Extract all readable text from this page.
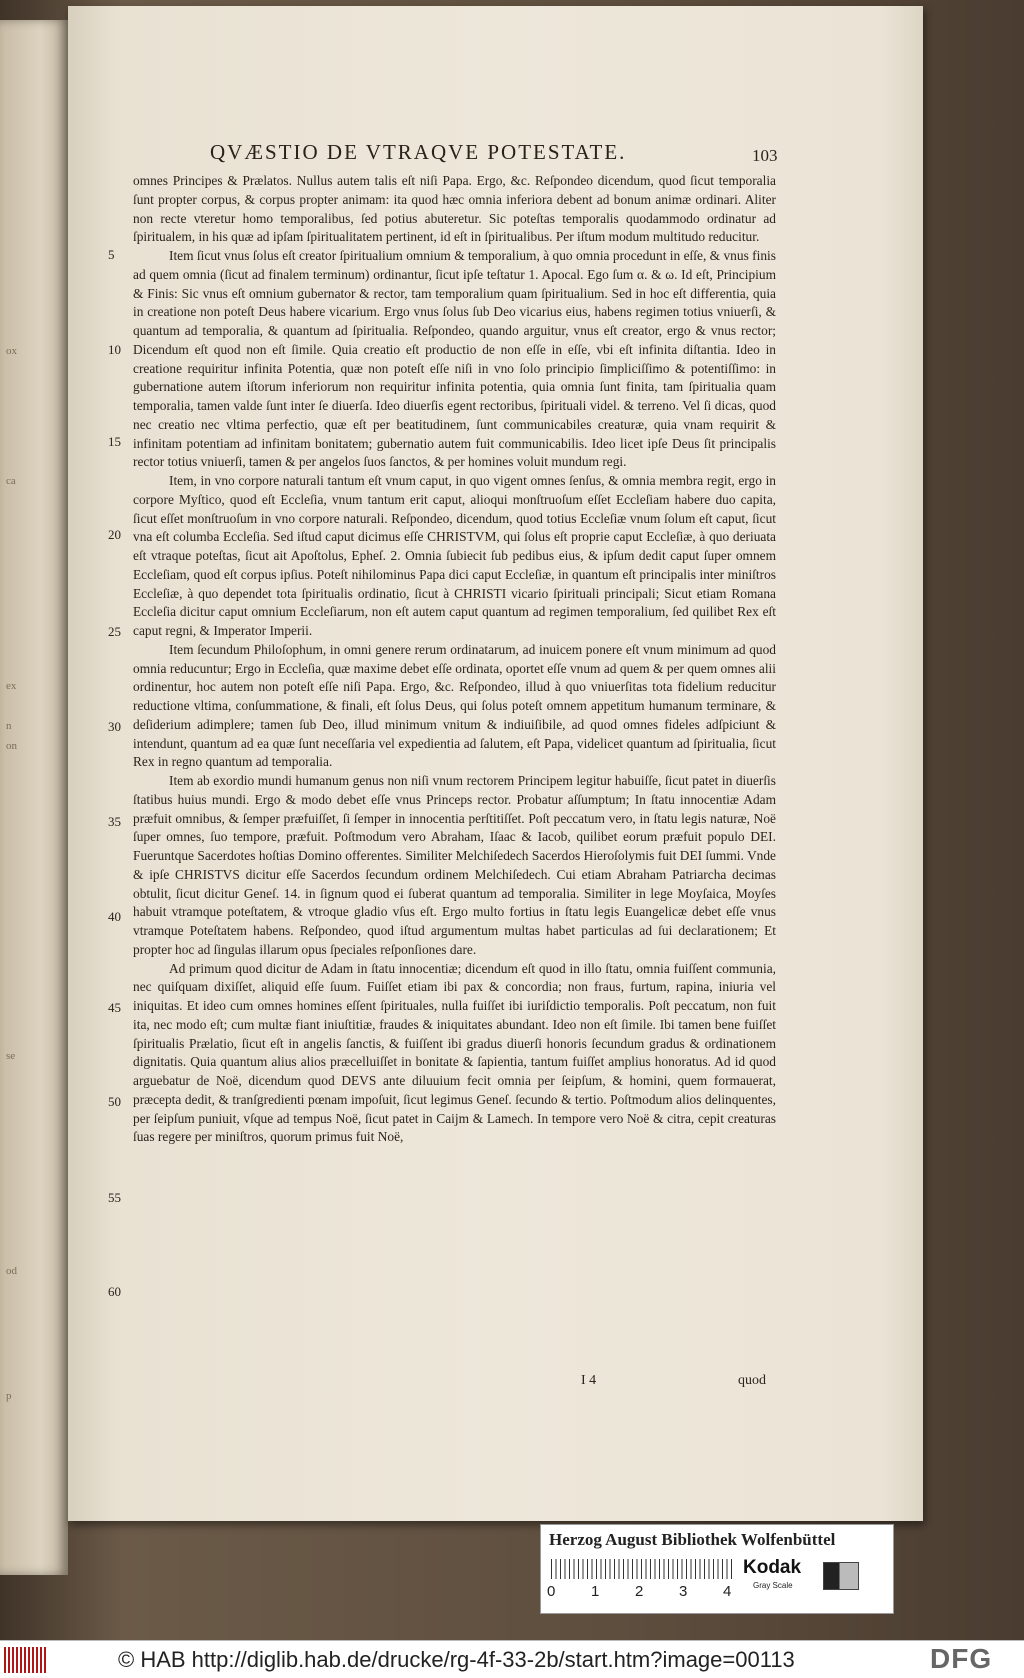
ox
ca
ex
n
on
se
od
p
QVÆSTIO DE VTRAQVE POTESTATE.	103
5
10
15
20
25
30
35
40
45
50
55
60

omnes Principes & Prælatos. Nullus autem talis eſt niſi Papa. Ergo, &c. Reſpondeo dicendum, quod ſicut temporalia ſunt propter corpus, & corpus propter animam: ita quod hæc omnia inferiora debent ad bonum animæ ordinari. Aliter non recte vteretur homo temporalibus, ſed potius abuteretur. Sic poteſtas temporalis quodammodo ordinatur ad ſpiritualem, in his quæ ad ipſam ſpiritualitatem pertinent, id eſt in ſpiritualibus. Per iſtum modum multitudo reducitur.

Item ſicut vnus ſolus eſt creator ſpiritualium omnium & temporalium, à quo omnia procedunt in eſſe, & vnus finis ad quem omnia (ſicut ad finalem terminum) ordinantur, ſicut ipſe teſtatur 1. Apocal. Ego ſum α. & ω. Id eſt, Principium & Finis: Sic vnus eſt omnium gubernator & rector, tam temporalium quam ſpiritualium. Sed in hoc eſt differentia, quia in creatione non poteſt Deus habere vicarium. Ergo vnus ſolus ſub Deo vicarius eius, habens regimen totius vniuerſi, & quantum ad temporalia, & quantum ad ſpiritualia. Reſpondeo, quando arguitur, vnus eſt creator, ergo & vnus rector; Dicendum eſt quod non eſt ſimile. Quia creatio eſt productio de non eſſe in eſſe, vbi eſt infinita diſtantia. Ideo in creatione requiritur infinita Potentia, quæ non poteſt eſſe niſi in vno ſolo principio ſimpliciſſimo & potentiſſimo: in gubernatione autem iſtorum inferiorum non requiritur infinita potentia, quia omnia ſunt finita, tam ſpiritualia quam temporalia, tamen valde ſunt inter ſe diuerſa. Ideo diuerſis egent rectoribus, ſpirituali videl. & terreno. Vel ſi dicas, quod nec creatio nec vltima perfectio, quæ eſt per beatitudinem, ſunt communicabiles creaturæ, quia vnam requirit & infinitam potentiam ad infinitam bonitatem; gubernatio autem fuit communicabilis. Ideo licet ipſe Deus ſit principalis rector totius vniuerſi, tamen & per angelos ſuos ſanctos, & per homines voluit mundum regi.

Item, in vno corpore naturali tantum eſt vnum caput, in quo vigent omnes ſenſus, & omnia membra regit, ergo in corpore Myſtico, quod eſt Eccleſia, vnum tantum erit caput, alioqui monſtruoſum eſſet Eccleſiam habere duo capita, ſicut eſſet monſtruoſum in vno corpore naturali. Reſpondeo, dicendum, quod totius Eccleſiæ vnum ſolum eſt caput, ſicut vna eſt columba Eccleſia. Sed iſtud caput dicimus eſſe CHRISTVM, qui ſolus eſt proprie caput Eccleſiæ, à quo deriuata eſt vtraque poteſtas, ſicut ait Apoſtolus, Epheſ. 2. Omnia ſubiecit ſub pedibus eius, & ipſum dedit caput ſuper omnem Eccleſiam, quod eſt corpus ipſius. Poteſt nihilominus Papa dici caput Eccleſiæ, in quantum eſt principalis inter miniſtros Eccleſiæ, à quo dependet tota ſpiritualis ordinatio, ſicut à CHRISTI vicario ſpirituali principali; Sicut etiam Romana Eccleſia dicitur caput omnium Eccleſiarum, non eſt autem caput quantum ad regimen temporalium, ſed quilibet Rex eſt caput regni, & Imperator Imperii.

Item ſecundum Philoſophum, in omni genere rerum ordinatarum, ad inuicem ponere eſt vnum minimum ad quod omnia reducuntur; Ergo in Eccleſia, quæ maxime debet eſſe ordinata, oportet eſſe vnum ad quem & per quem omnes alii ordinentur, hoc autem non poteſt eſſe niſi Papa. Ergo, &c. Reſpondeo, illud à quo vniuerſitas tota fidelium reducitur reductione vltima, conſummatione, & finali, eſt ſolus Deus, qui ſolus poteſt omnem appetitum humanum terminare, & deſiderium adimplere; tamen ſub Deo, illud minimum vnitum & indiuiſibile, ad quod omnes fideles adſpiciunt & intendunt, quantum ad ea quæ ſunt neceſſaria vel expedientia ad ſalutem, eſt Papa, videlicet quantum ad ſpiritualia, ſicut Rex in regno quantum ad temporalia.

Item ab exordio mundi humanum genus non niſi vnum rectorem Principem legitur habuiſſe, ſicut patet in diuerſis ſtatibus huius mundi. Ergo & modo debet eſſe vnus Princeps rector. Probatur aſſumptum; In ſtatu innocentiæ Adam præfuit omnibus, & ſemper præfuiſſet, ſi ſemper in innocentia perſtitiſſet. Poſt peccatum vero, in ſtatu legis naturæ, Noë ſuper omnes, ſuo tempore, præfuit. Poſtmodum vero Abraham, Iſaac & Iacob, quilibet eorum præfuit populo DEI. Fueruntque Sacerdotes hoſtias Domino offerentes. Similiter Melchiſedech Sacerdos Hieroſolymis fuit DEI ſummi. Vnde & ipſe CHRISTVS dicitur eſſe Sacerdos ſecundum ordinem Melchiſedech. Cui etiam Abraham Patriarcha decimas obtulit, ſicut dicitur Geneſ. 14. in ſignum quod ei ſuberat quantum ad temporalia. Similiter in lege Moyſaica, Moyſes habuit vtramque poteſtatem, & vtroque gladio vſus eſt. Ergo multo fortius in ſtatu legis Euangelicæ debet eſſe vnus vtramque Poteſtatem habens. Reſpondeo, quod iſtud argumentum multas habet particulas ad ſui declarationem; Et propter hoc ad ſingulas illarum opus ſpeciales reſponſiones dare.

Ad primum quod dicitur de Adam in ſtatu innocentiæ; dicendum eſt quod in illo ſtatu, omnia fuiſſent communia, nec quiſquam dixiſſet, aliquid eſſe ſuum. Fuiſſet etiam ibi pax & concordia; non fraus, furtum, rapina, iniuria vel iniquitas. Et ideo cum omnes homines eſſent ſpirituales, nulla fuiſſet ibi iuriſdictio temporalis. Poſt peccatum, non fuit ita, nec modo eſt; cum multæ fiant iniuſtitiæ, fraudes & iniquitates abundant. Ideo non eſt ſimile. Ibi tamen bene fuiſſet ſpiritualis Prælatio, ſicut eſt in angelis ſanctis, & fuiſſent ibi gradus diuerſi honoris ſecundum gradus & ordinationem dignitatis. Quia quantum alius alios præcelluiſſet in bonitate & ſapientia, tantum fuiſſet amplius honoratus. Ad id quod arguebatur de Noë, dicendum quod DEVS ante diluuium fecit omnia per ſeipſum, & homini, quem formauerat, præcepta dedit, & tranſgredienti pœnam impoſuit, ſicut legimus Geneſ. ſecundo & tertio. Poſtmodum alios delinquentes, per ſeipſum puniuit, vſque ad tempus Noë, ſicut patet in Caijm & Lamech. In tempore vero Noë & citra, cepit creaturas ſuas regere per miniſtros, quorum primus fuit Noë,

I 4	quod
Herzog August Bibliothek Wolfenbüttel
0 1 2 3 4
Kodak
Gray Scale
© HAB http://diglib.hab.de/drucke/rg-4f-33-2b/start.htm?image=00113	DFG
